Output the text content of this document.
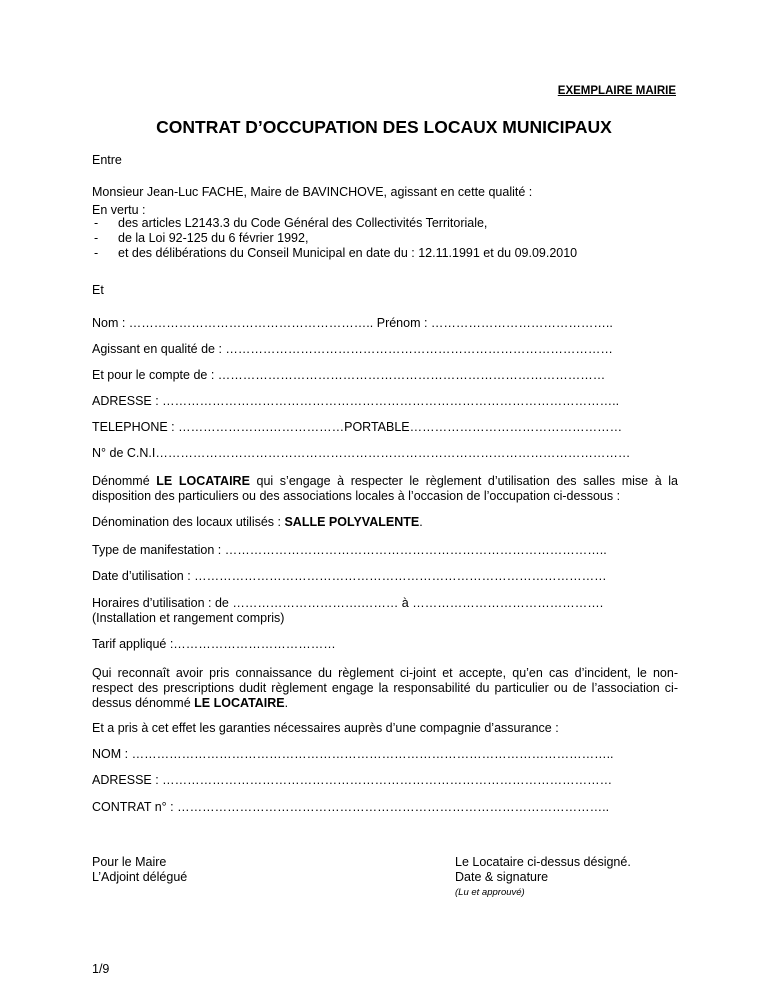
EXEMPLAIRE MAIRIE
CONTRAT D’OCCUPATION DES LOCAUX MUNICIPAUX
Entre
Monsieur Jean-Luc FACHE, Maire de BAVINCHOVE, agissant en cette qualité :
En vertu :
-	des articles L2143.3 du Code Général des Collectivités Territoriale,
-	de la Loi 92-125 du 6 février 1992,
-	et des délibérations du Conseil Municipal en date du : 12.11.1991 et du 09.09.2010
Et
Nom : ………………………………………………….. Prénom : ……………………………………..
Agissant en qualité de : …………………………………………………………………………………
Et pour le compte de : …………………………………………………………………………………
ADRESSE : ………………………………………………………………………………………………..
TELEPHONE : ………………….………………PORTABLE……………………………………………
N° de C.N.I……………………………………………………………………………………………………
Dénommé LE LOCATAIRE qui s’engage à respecter le règlement d’utilisation des salles mise à la disposition des particuliers ou des associations locales à l’occasion de l’occupation ci-dessous :
Dénomination des locaux utilisés : SALLE POLYVALENTE.
Type de manifestation : ………………………………………………………………………………..
Date d’utilisation : ………………………………………………………………………………………
Horaires d’utilisation : de ………………………….……… à ……………………………………….
(Installation et rangement compris)
Tarif appliqué :…………………………………
Qui reconnaît avoir pris connaissance du règlement ci-joint et accepte, qu’en cas d’incident, le non-respect des prescriptions dudit règlement engage la responsabilité du particulier ou de l’association ci-dessus dénommé LE LOCATAIRE.
Et a pris à cet effet les garanties nécessaires auprès d’une compagnie d’assurance :
NOM : ……………………………………………………………………………………………………..
ADRESSE : ………………………………………………………………………………………………
CONTRAT n° : …………………………………………………………………………………………..
Pour le Maire
L’Adjoint délégué
Le Locataire ci-dessus désigné.
Date & signature
(Lu et approuvé)
1/9
